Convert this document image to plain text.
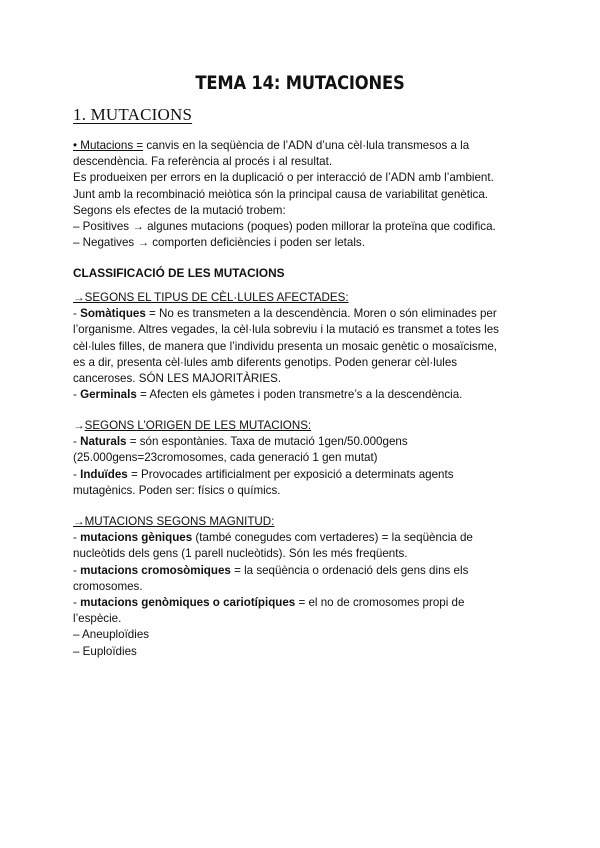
TEMA 14: MUTACIONES
1. MUTACIONS
• Mutacions = canvis en la seqüència de l’ADN d’una cèl·lula transmesos a la
descendència. Fa referència al procés i al resultat.
Es produeixen per errors en la duplicació o per interacció de l’ADN amb l’ambient.
Junt amb la recombinació meiòtica són la principal causa de variabilitat genètica.
Segons els efectes de la mutació trobem:
– Positives → algunes mutacions (poques) poden millorar la proteïna que codifica.
– Negatives → comporten deficiències i poden ser letals.
CLASSIFICACIÓ DE LES MUTACIONS
→SEGONS EL TIPUS DE CÈL·LULES AFECTADES:
- Somàtiques = No es transmeten a la descendència. Moren o són eliminades per
l’organisme. Altres vegades, la cèl·lula sobreviu i la mutació es transmet a totes les
cèl·lules filles, de manera que l’individu presenta un mosaic genètic o mosaïcisme,
es a dir, presenta cèl·lules amb diferents genotips. Poden generar cèl·lules
canceroses. SÓN LES MAJORITÀRIES.
- Germinals = Afecten els gàmetes i poden transmetre’s a la descendència.
→SEGONS L’ORIGEN DE LES MUTACIONS:
- Naturals = són espontànies. Taxa de mutació 1gen/50.000gens
(25.000gens=23cromosomes, cada generació 1 gen mutat)
- Induïdes = Provocades artificialment per exposició a determinats agents
mutagènics. Poden ser: físics o químics.
→MUTACIONS SEGONS MAGNITUD:
- mutacions gèniques (també conegudes com vertaderes) = la seqüència de
nucleòtids dels gens (1 parell nucleòtids). Són les més freqüents.
- mutacions cromosòmiques = la seqüència o ordenació dels gens dins els
cromosomes.
- mutacions genòmiques o cariotípiques = el no de cromosomes propi de
l’espècie.
– Aneuploïdies
– Euploïdies
